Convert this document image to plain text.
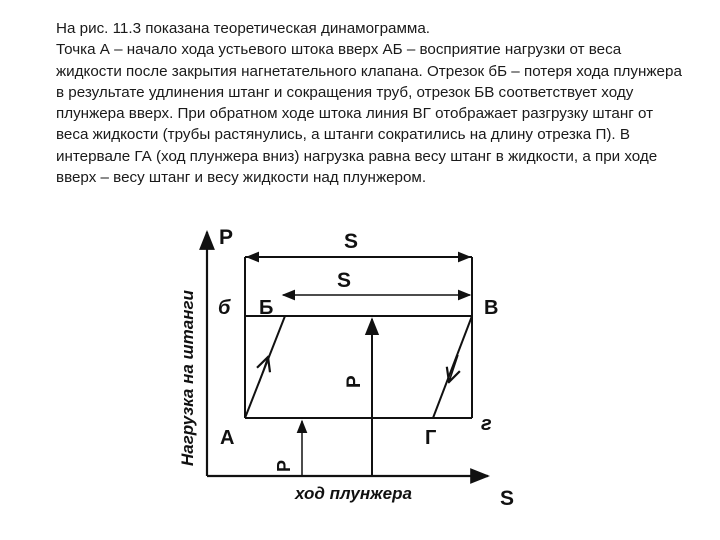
На рис. 11.3 показана теоретическая динамограмма.

Точка А – начало хода устьевого штока вверх АБ – восприятие нагрузки от веса жидкости после закрытия нагнетательного клапана. Отрезок бБ – потеря хода плунжера в результате удлинения штанг и сокращения труб, отрезок БВ соответствует ходу плунжера вверх. При обратном ходе штока линия ВГ отображает разгрузку штанг от веса жидкости (трубы растянулись, а штанги сократились на длину отрезка П). В интервале ГА (ход плунжера вниз) нагрузка равна весу штанг в жидкости, а при ходе вверх – весу штанг и весу жидкости над плунжером.

S
S
P
P
P
S
Нагрузка на штанги
ход плунжера
А
Б	В
Г
б
г
